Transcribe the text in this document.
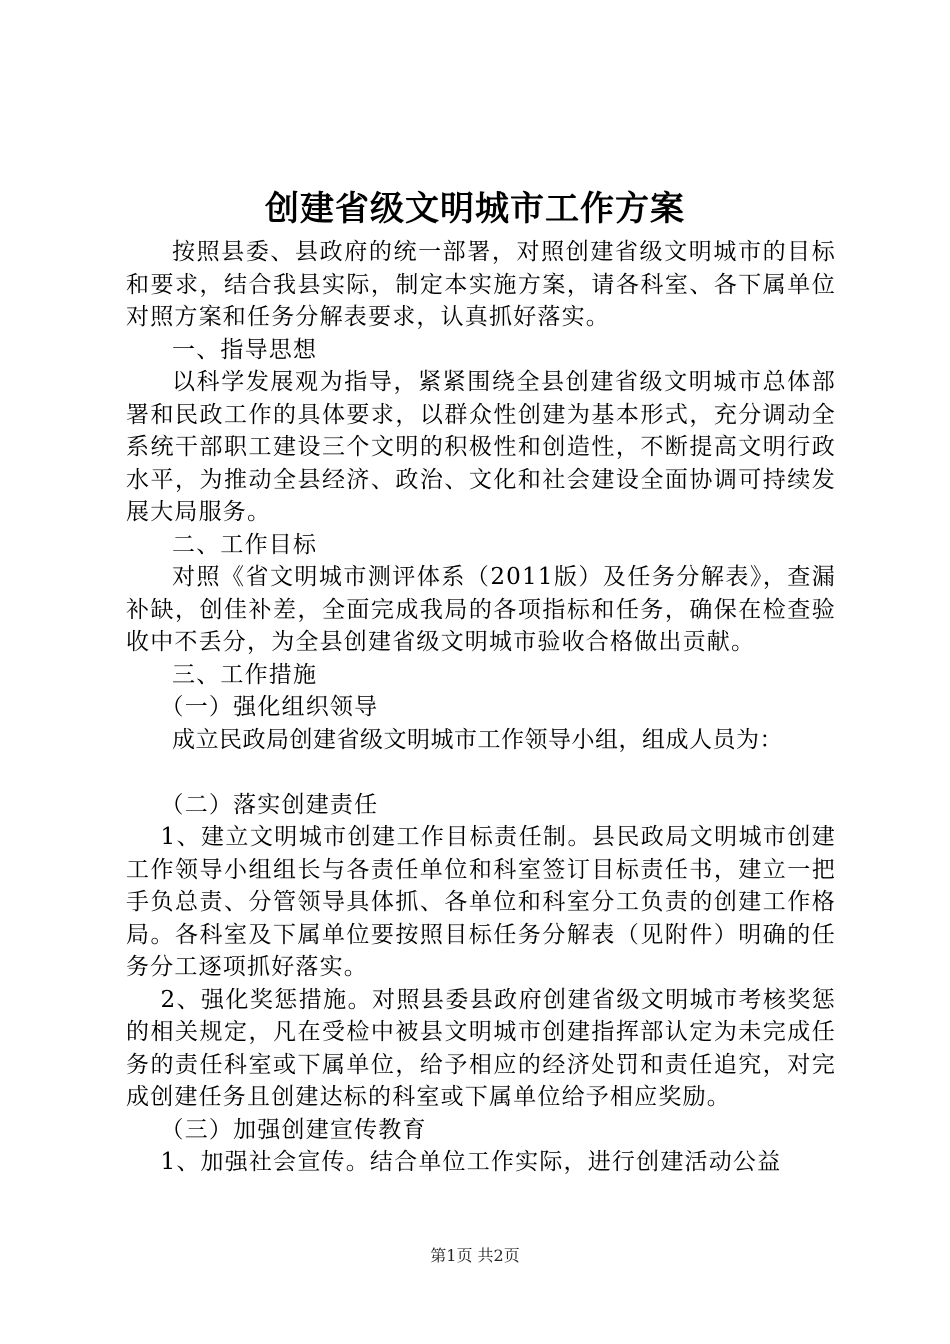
创建省级文明城市工作方案

按照县委、县政府的统一部署，对照创建省级文明城市的目标和要求，结合我县实际，制定本实施方案，请各科室、各下属单位对照方案和任务分解表要求，认真抓好落实。

一、指导思想

以科学发展观为指导，紧紧围绕全县创建省级文明城市总体部署和民政工作的具体要求，以群众性创建为基本形式，充分调动全系统干部职工建设三个文明的积极性和创造性，不断提高文明行政水平，为推动全县经济、政治、文化和社会建设全面协调可持续发展大局服务。

二、工作目标

对照《省文明城市测评体系（2011版）及任务分解表》，查漏补缺，创佳补差，全面完成我局的各项指标和任务，确保在检查验收中不丢分，为全县创建省级文明城市验收合格做出贡献。

三、工作措施

（一）强化组织领导

成立民政局创建省级文明城市工作领导小组，组成人员为：

（二）落实创建责任

1、建立文明城市创建工作目标责任制。县民政局文明城市创建工作领导小组组长与各责任单位和科室签订目标责任书，建立一把手负总责、分管领导具体抓、各单位和科室分工负责的创建工作格局。各科室及下属单位要按照目标任务分解表（见附件）明确的任务分工逐项抓好落实。

2、强化奖惩措施。对照县委县政府创建省级文明城市考核奖惩的相关规定，凡在受检中被县文明城市创建指挥部认定为未完成任务的责任科室或下属单位，给予相应的经济处罚和责任追究，对完成创建任务且创建达标的科室或下属单位给予相应奖励。

（三）加强创建宣传教育

1、加强社会宣传。结合单位工作实际，进行创建活动公益

第1页 共2页
